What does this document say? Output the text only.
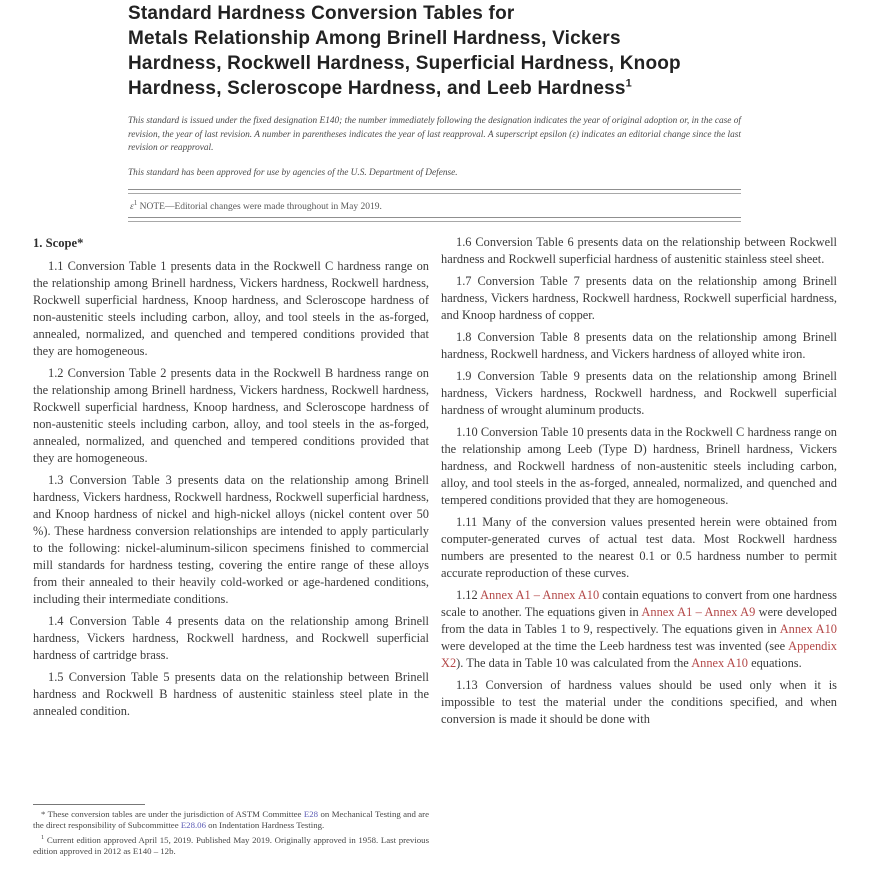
Standard Hardness Conversion Tables for
Metals Relationship Among Brinell Hardness, Vickers
Hardness, Rockwell Hardness, Superficial Hardness, Knoop
Hardness, Scleroscope Hardness, and Leeb Hardness$^1$

This standard is issued under the fixed designation E140; the number immediately following the designation indicates the year of original adoption or, in the case of revision, the year of last revision. A number in parentheses indicates the year of last reapproval. A superscript epsilon (ε) indicates an editorial change since the last revision or reapproval.

This standard has been approved for use by agencies of the U.S. Department of Defense.

$\varepsilon^1$ NOTE—Editorial changes were made throughout in May 2019.

1. Scope*

1.1 Conversion Table 1 presents data in the Rockwell C hardness range on the relationship among Brinell hardness, Vickers hardness, Rockwell hardness, Rockwell superficial hardness, Knoop hardness, and Scleroscope hardness of non-austenitic steels including carbon, alloy, and tool steels in the as-forged, annealed, normalized, and quenched and tempered conditions provided that they are homogeneous.

1.2 Conversion Table 2 presents data in the Rockwell B hardness range on the relationship among Brinell hardness, Vickers hardness, Rockwell hardness, Rockwell superficial hardness, Knoop hardness, and Scleroscope hardness of non-austenitic steels including carbon, alloy, and tool steels in the as-forged, annealed, normalized, and quenched and tempered conditions provided that they are homogeneous.

1.3 Conversion Table 3 presents data on the relationship among Brinell hardness, Vickers hardness, Rockwell hardness, Rockwell superficial hardness, and Knoop hardness of nickel and high-nickel alloys (nickel content over 50 %). These hardness conversion relationships are intended to apply particularly to the following: nickel-aluminum-silicon specimens finished to commercial mill standards for hardness testing, covering the entire range of these alloys from their annealed to their heavily cold-worked or age-hardened conditions, including their intermediate conditions.

1.4 Conversion Table 4 presents data on the relationship among Brinell hardness, Vickers hardness, Rockwell hardness, and Rockwell superficial hardness of cartridge brass.

1.5 Conversion Table 5 presents data on the relationship between Brinell hardness and Rockwell B hardness of austenitic stainless steel plate in the annealed condition.

1.6 Conversion Table 6 presents data on the relationship between Rockwell hardness and Rockwell superficial hardness of austenitic stainless steel sheet.

1.7 Conversion Table 7 presents data on the relationship among Brinell hardness, Vickers hardness, Rockwell hardness, Rockwell superficial hardness, and Knoop hardness of copper.

1.8 Conversion Table 8 presents data on the relationship among Brinell hardness, Rockwell hardness, and Vickers hardness of alloyed white iron.

1.9 Conversion Table 9 presents data on the relationship among Brinell hardness, Vickers hardness, Rockwell hardness, and Rockwell superficial hardness of wrought aluminum products.

1.10 Conversion Table 10 presents data in the Rockwell C hardness range on the relationship among Leeb (Type D) hardness, Brinell hardness, Vickers hardness, and Rockwell hardness of non-austenitic steels including carbon, alloy, and tool steels in the as-forged, annealed, normalized, and quenched and tempered conditions provided that they are homogeneous.

1.11 Many of the conversion values presented herein were obtained from computer-generated curves of actual test data. Most Rockwell hardness numbers are presented to the nearest 0.1 or 0.5 hardness number to permit accurate reproduction of these curves.

1.12 Annex A1 – Annex A10 contain equations to convert from one hardness scale to another. The equations given in Annex A1 – Annex A9 were developed from the data in Tables 1 to 9, respectively. The equations given in Annex A10 were developed at the time the Leeb hardness test was invented (see Appendix X2). The data in Table 10 was calculated from the Annex A10 equations.

1.13 Conversion of hardness values should be used only when it is impossible to test the material under the conditions specified, and when conversion is made it should be done with

* These conversion tables are under the jurisdiction of ASTM Committee E28 on Mechanical Testing and are the direct responsibility of Subcommittee E28.06 on Indentation Hardness Testing.

$^1$ Current edition approved April 15, 2019. Published May 2019. Originally approved in 1958. Last previous edition approved in 2012 as E140 – 12b.
